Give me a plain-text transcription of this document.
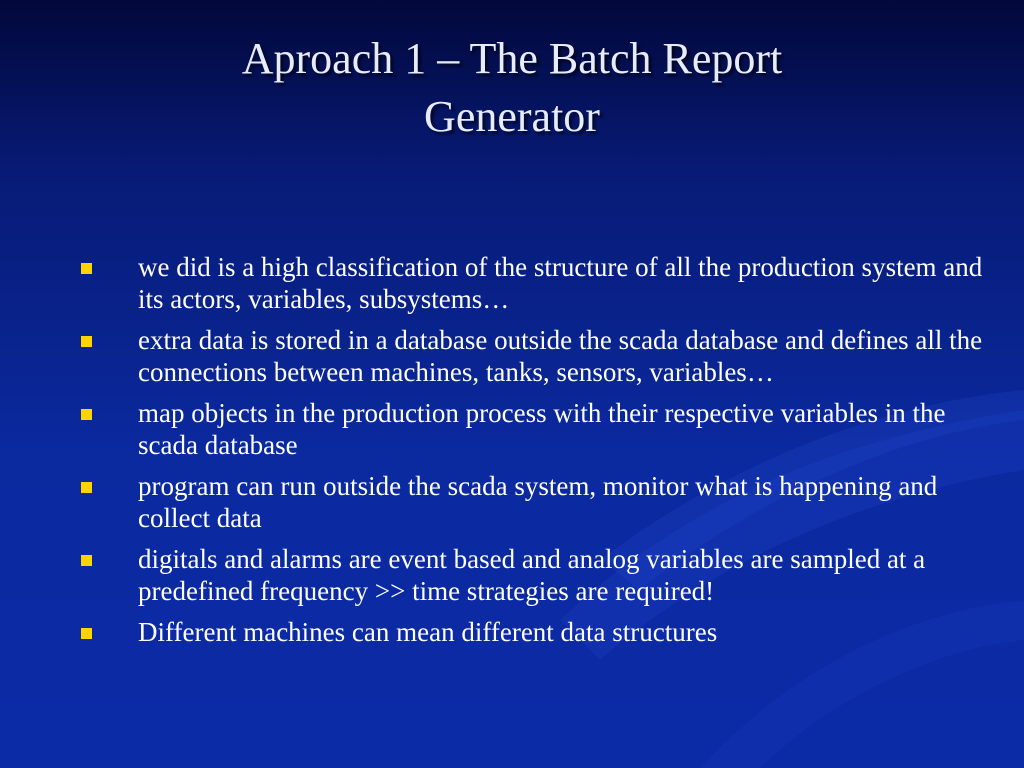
Aproach 1 – The Batch Report
Generator
we did is a high classification of the structure of all the production system and its actors, variables, subsystems…
extra data is stored in a database outside the scada database and defines all the connections between machines, tanks, sensors, variables…
map objects in the production process with their respective variables in the scada database
program can run outside the scada system, monitor what is happening and collect data
digitals and alarms are event based and analog variables are sampled at a predefined frequency >> time strategies are required!
Different machines can mean different data structures
